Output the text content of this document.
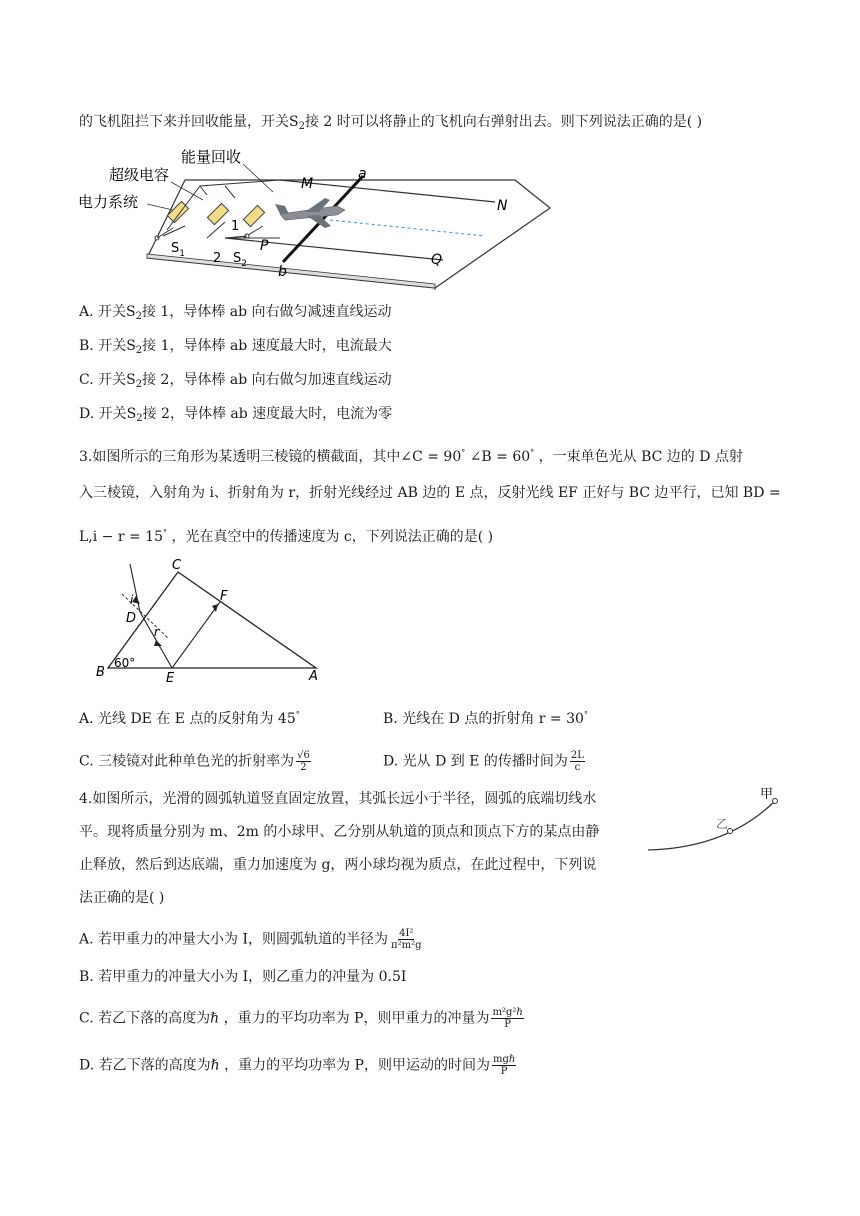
的飞机阻拦下来并回收能量，开关$S_2$接 2 时可以将静止的飞机向右弹射出去。则下列说法正确的是( )
能量回收
超级电容
电力系统
M
a
N
b
P
Q
1
2
$S_1$	$S_2$
A. 开关$S_2$接 1，导体棒 ab 向右做匀减速直线运动
B. 开关$S_2$接 1，导体棒 ab 速度最大时，电流最大
C. 开关$S_2$接 2，导体棒 ab 向右做匀加速直线运动
D. 开关$S_2$接 2，导体棒 ab 速度最大时，电流为零
3.如图所示的三角形为某透明三棱镜的横截面，其中∠C = 90° ∠B = 60° ，一束单色光从 BC 边的 D 点射
入三棱镜，入射角为 i、折射角为 r，折射光线经过 AB 边的 E 点，反射光线 EF 正好与 BC 边平行，已知 BD =
L,i − r = 15° ，光在真空中的传播速度为 c，下列说法正确的是( )
C
F
D
i
r
B
60°
E	A
A. 光线 DE 在 E 点的反射角为 45°	B. 光线在 D 点的折射角 r = 30°
C. 三棱镜对此种单色光的折射率为 $\frac{√6}{2}$	D. 光从 D 到 E 的传播时间为 $\frac{2L}{c}$
4.如图所示，光滑的圆弧轨道竖直固定放置，其弧长远小于半径，圆弧的底端切线水
平。现将质量分别为 m、2m 的小球甲、乙分别从轨道的顶点和顶点下方的某点由静
止释放，然后到达底端，重力加速度为 g，两小球均视为质点，在此过程中，下列说
法正确的是( )
甲
乙
A. 若甲重力的冲量大小为 I，则圆弧轨道的半径为 $\frac{\text{4I²}}{\text{π²m²g}}$
B. 若甲重力的冲量大小为 I，则乙重力的冲量为 0.5I
C. 若乙下落的高度为ℏ ，重力的平均功率为 P，则甲重力的冲量为 $\frac{\text{m²g²ℏ}}{P}$
D. 若乙下落的高度为ℏ ，重力的平均功率为 P，则甲运动的时间为 $\frac{\text{mgℏ}}{P}$
